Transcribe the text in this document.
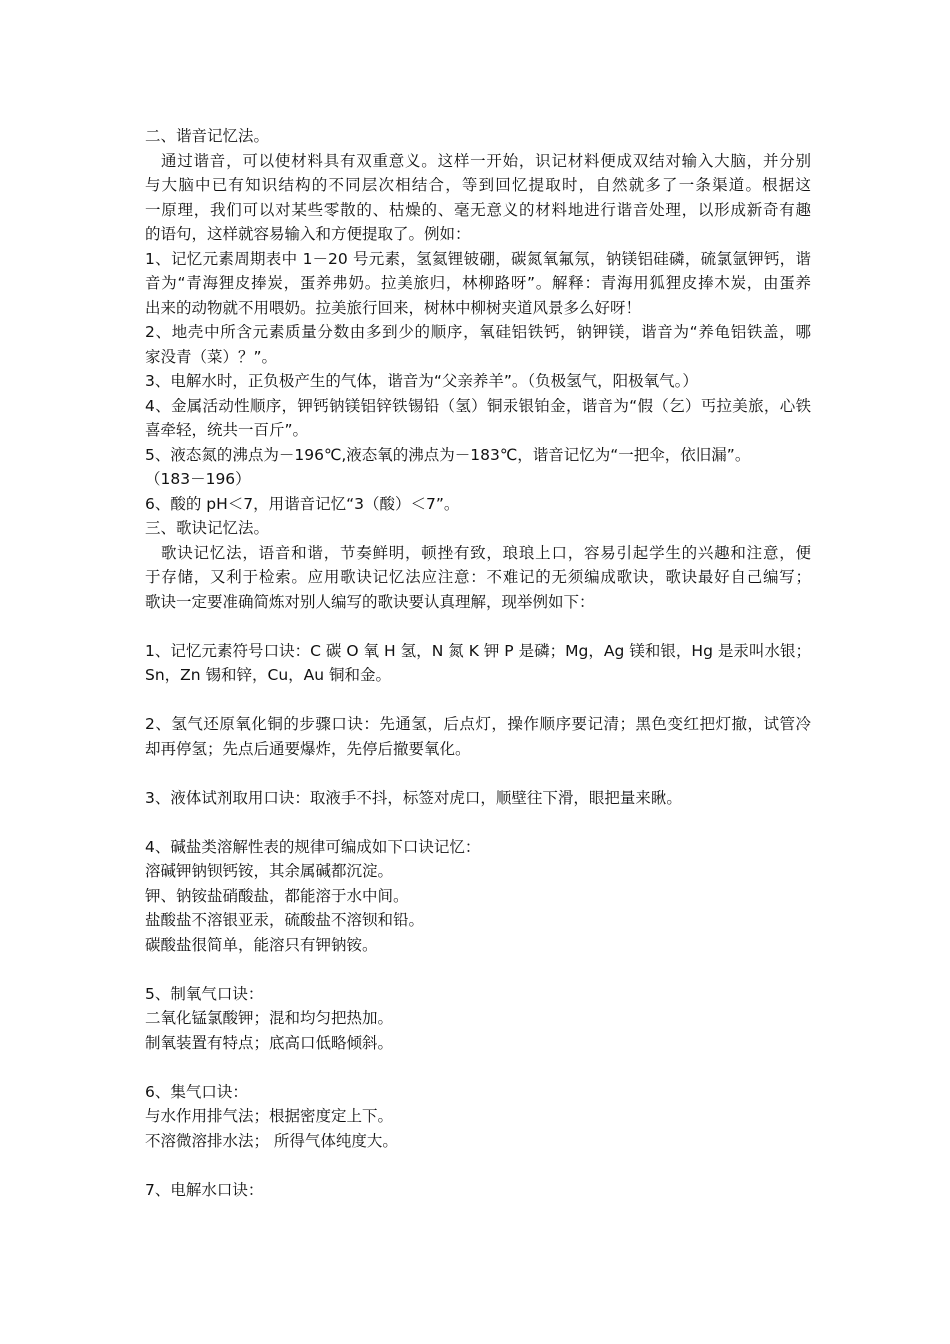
二、谐音记忆法。
通过谐音，可以使材料具有双重意义。这样一开始，识记材料便成双结对输入大脑，并分别
与大脑中已有知识结构的不同层次相结合，等到回忆提取时，自然就多了一条渠道。根据这
一原理，我们可以对某些零散的、枯燥的、毫无意义的材料地进行谐音处理，以形成新奇有趣
的语句，这样就容易输入和方便提取了。例如：
1、记忆元素周期表中 1－20 号元素，氢氦锂铍硼，碳氮氧氟氖，钠镁铝硅磷，硫氯氩钾钙，谐
音为“青海狸皮捧炭，蛋养弗奶。拉美旅归，林柳路呀”。解释：青海用狐狸皮捧木炭，由蛋养
出来的动物就不用喂奶。拉美旅行回来，树林中柳树夹道风景多么好呀！
2、地壳中所含元素质量分数由多到少的顺序，氧硅铝铁钙，钠钾镁，谐音为“养龟铝铁盖，哪
家没青（菜）？”。
3、电解水时，正负极产生的气体，谐音为“父亲养羊”。（负极氢气，阳极氧气。）
4、金属活动性顺序，钾钙钠镁铝锌铁锡铅（氢）铜汞银铂金，谐音为“假（乞）丐拉美旅，心铁
喜牵轻，统共一百斤”。
5、液态氮的沸点为－196℃,液态氧的沸点为－183℃，谐音记忆为“一把伞，依旧漏”。
（183－196）
6、酸的 pH＜7，用谐音记忆“3（酸）＜7”。
三、歌诀记忆法。
歌诀记忆法，语音和谐，节奏鲜明，顿挫有致，琅琅上口，容易引起学生的兴趣和注意，便
于存储，又利于检索。应用歌诀记忆法应注意：不难记的无须编成歌诀，歌诀最好自己编写；
歌诀一定要准确简炼对别人编写的歌诀要认真理解，现举例如下：
1、记忆元素符号口诀：C 碳 O 氧 H 氢，N 氮 K 钾 P 是磷；Mg，Ag 镁和银，Hg 是汞叫水银；
Sn，Zn 锡和锌，Cu，Au 铜和金。
2、氢气还原氧化铜的步骤口诀：先通氢，后点灯，操作顺序要记清；黑色变红把灯撤，试管冷
却再停氢；先点后通要爆炸，先停后撤要氧化。
3、液体试剂取用口诀：取液手不抖，标签对虎口，顺壁往下滑，眼把量来瞅。
4、碱盐类溶解性表的规律可编成如下口诀记忆：
溶碱钾钠钡钙铵，其余属碱都沉淀。
钾、钠铵盐硝酸盐，都能溶于水中间。
盐酸盐不溶银亚汞，硫酸盐不溶钡和铅。
碳酸盐很简单，能溶只有钾钠铵。
5、制氧气口诀：
二氧化锰氯酸钾；混和均匀把热加。
制氧装置有特点；底高口低略倾斜。
6、集气口诀：
与水作用排气法；根据密度定上下。
不溶微溶排水法； 所得气体纯度大。
7、电解水口诀：
